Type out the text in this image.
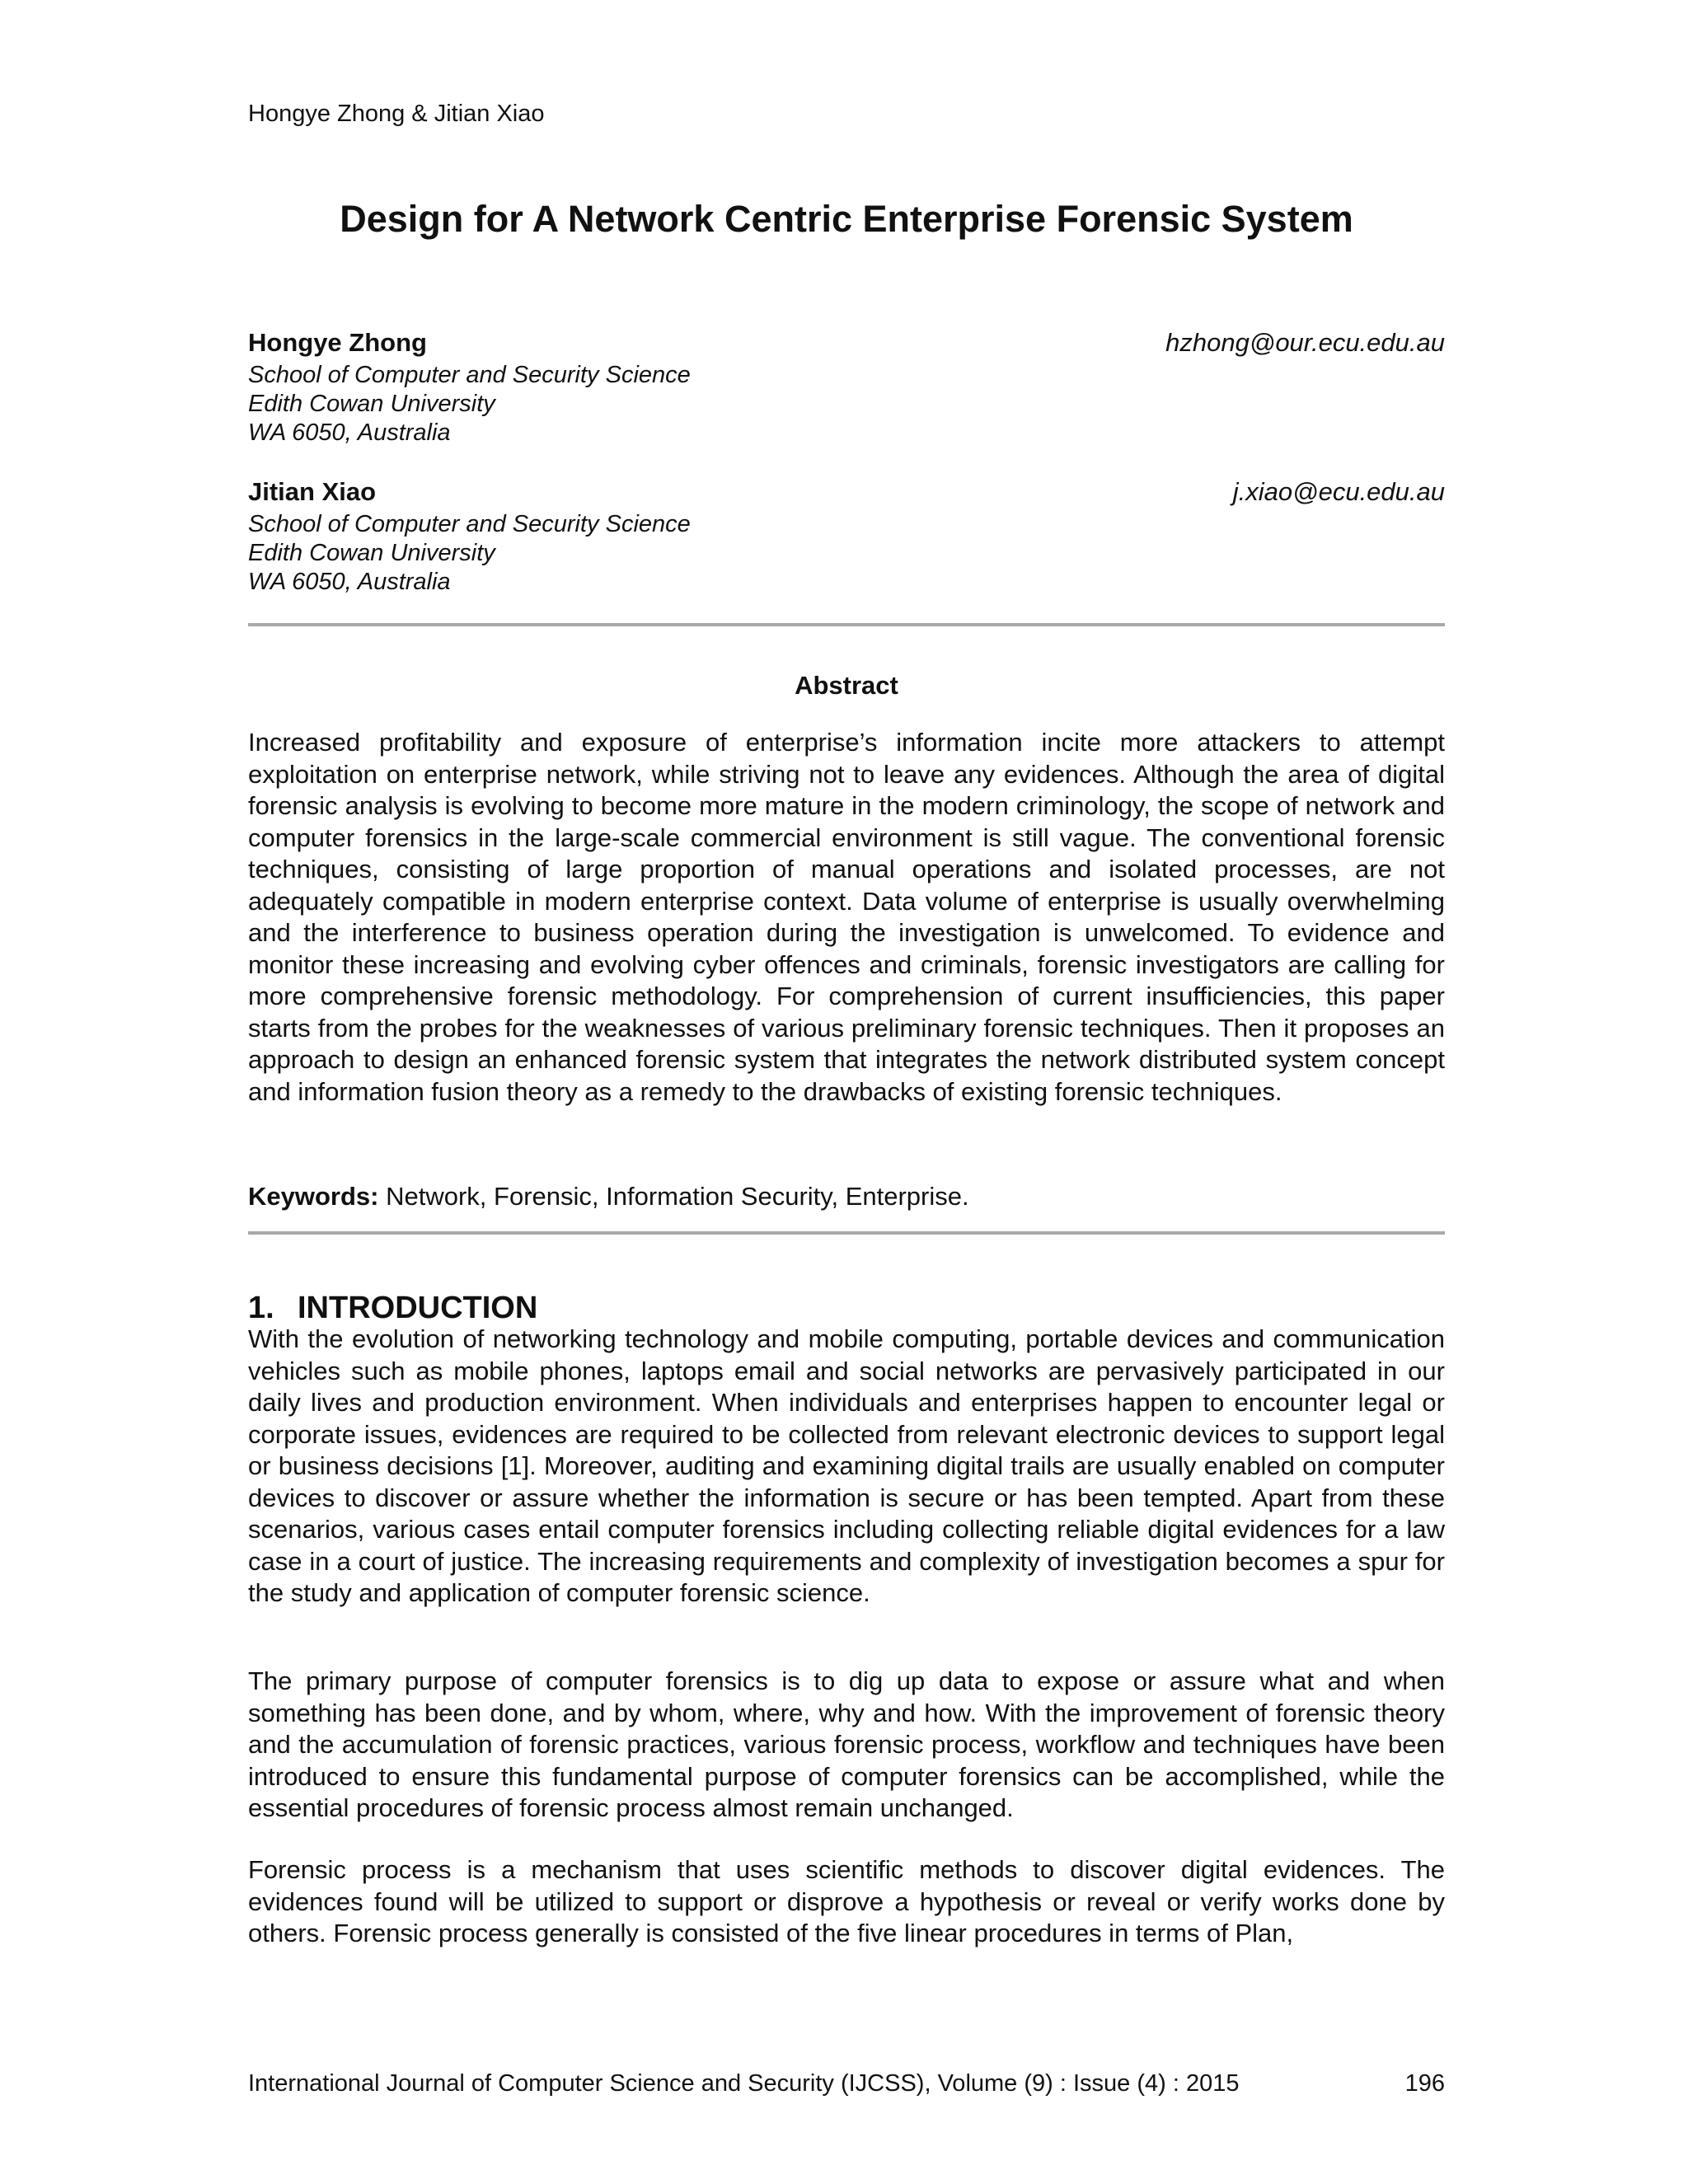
Hongye Zhong & Jitian Xiao
Design for A Network Centric Enterprise Forensic System
Hongye Zhong	hzhong@our.ecu.edu.au
School of Computer and Security Science
Edith Cowan University
WA 6050, Australia
Jitian Xiao	j.xiao@ecu.edu.au
School of Computer and Security Science
Edith Cowan University
WA 6050, Australia
Abstract
Increased profitability and exposure of enterprise’s information incite more attackers to attempt exploitation on enterprise network, while striving not to leave any evidences. Although the area of digital forensic analysis is evolving to become more mature in the modern criminology, the scope of network and computer forensics in the large-scale commercial environment is still vague. The conventional forensic techniques, consisting of large proportion of manual operations and isolated processes, are not adequately compatible in modern enterprise context. Data volume of enterprise is usually overwhelming and the interference to business operation during the investigation is unwelcomed. To evidence and monitor these increasing and evolving cyber offences and criminals, forensic investigators are calling for more comprehensive forensic methodology. For comprehension of current insufficiencies, this paper starts from the probes for the weaknesses of various preliminary forensic techniques. Then it proposes an approach to design an enhanced forensic system that integrates the network distributed system concept and information fusion theory as a remedy to the drawbacks of existing forensic techniques.
Keywords: Network, Forensic, Information Security, Enterprise.
1. INTRODUCTION
With the evolution of networking technology and mobile computing, portable devices and communication vehicles such as mobile phones, laptops email and social networks are pervasively participated in our daily lives and production environment. When individuals and enterprises happen to encounter legal or corporate issues, evidences are required to be collected from relevant electronic devices to support legal or business decisions [1]. Moreover, auditing and examining digital trails are usually enabled on computer devices to discover or assure whether the information is secure or has been tempted. Apart from these scenarios, various cases entail computer forensics including collecting reliable digital evidences for a law case in a court of justice. The increasing requirements and complexity of investigation becomes a spur for the study and application of computer forensic science.
The primary purpose of computer forensics is to dig up data to expose or assure what and when something has been done, and by whom, where, why and how. With the improvement of forensic theory and the accumulation of forensic practices, various forensic process, workflow and techniques have been introduced to ensure this fundamental purpose of computer forensics can be accomplished, while the essential procedures of forensic process almost remain unchanged.
Forensic process is a mechanism that uses scientific methods to discover digital evidences. The evidences found will be utilized to support or disprove a hypothesis or reveal or verify works done by others. Forensic process generally is consisted of the five linear procedures in terms of Plan,
International Journal of Computer Science and Security (IJCSS), Volume (9) : Issue (4) : 2015	196
